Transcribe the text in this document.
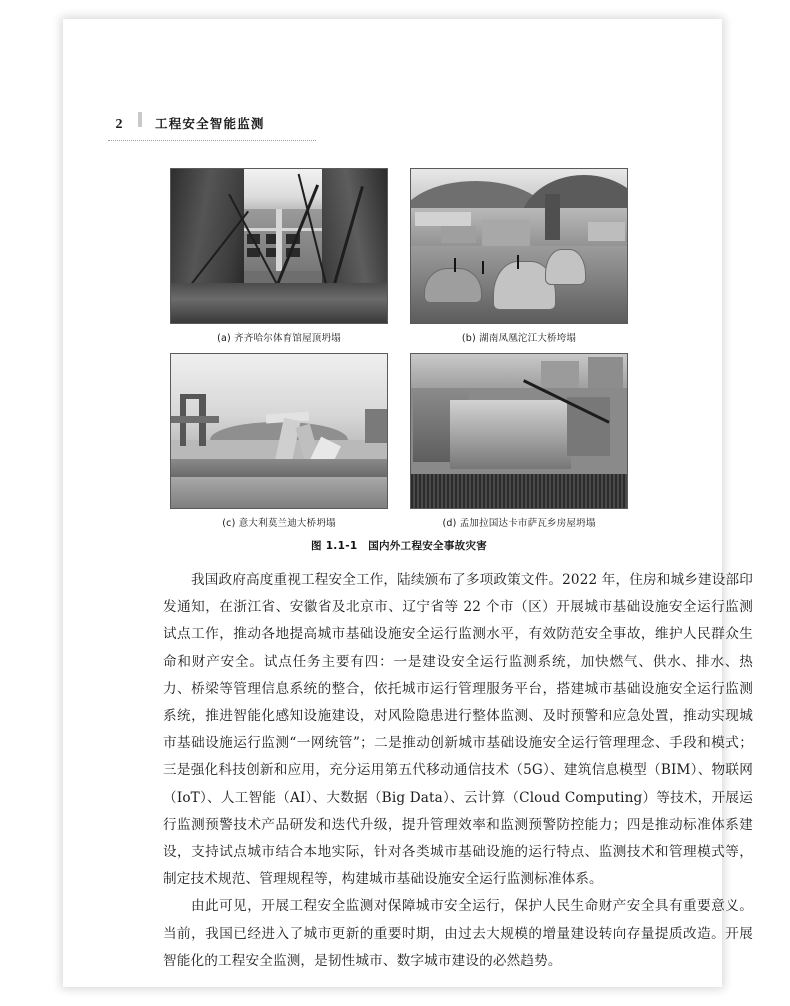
2	工程安全智能监测
(a) 齐齐哈尔体育馆屋顶坍塌	(b) 湖南凤凰沱江大桥垮塌
(c) 意大利莫兰迪大桥坍塌	(d) 孟加拉国达卡市萨瓦乡房屋坍塌
图 1.1-1　国内外工程安全事故灾害

我国政府高度重视工程安全工作，陆续颁布了多项政策文件。2022 年，住房和城乡建设部印发通知，在浙江省、安徽省及北京市、辽宁省等 22 个市（区）开展城市基础设施安全运行监测试点工作，推动各地提高城市基础设施安全运行监测水平，有效防范安全事故，维护人民群众生命和财产安全。试点任务主要有四：一是建设安全运行监测系统，加快燃气、供水、排水、热力、桥梁等管理信息系统的整合，依托城市运行管理服务平台，搭建城市基础设施安全运行监测系统，推进智能化感知设施建设，对风险隐患进行整体监测、及时预警和应急处置，推动实现城市基础设施运行监测“一网统管”；二是推动创新城市基础设施安全运行管理理念、手段和模式；三是强化科技创新和应用，充分运用第五代移动通信技术（5G）、建筑信息模型（BIM）、物联网（IoT）、人工智能（AI）、大数据（Big Data）、云计算（Cloud Computing）等技术，开展运行监测预警技术产品研发和迭代升级，提升管理效率和监测预警防控能力；四是推动标准体系建设，支持试点城市结合本地实际，针对各类城市基础设施的运行特点、监测技术和管理模式等，制定技术规范、管理规程等，构建城市基础设施安全运行监测标准体系。

由此可见，开展工程安全监测对保障城市安全运行，保护人民生命财产安全具有重要意义。当前，我国已经进入了城市更新的重要时期，由过去大规模的增量建设转向存量提质改造。开展智能化的工程安全监测，是韧性城市、数字城市建设的必然趋势。
